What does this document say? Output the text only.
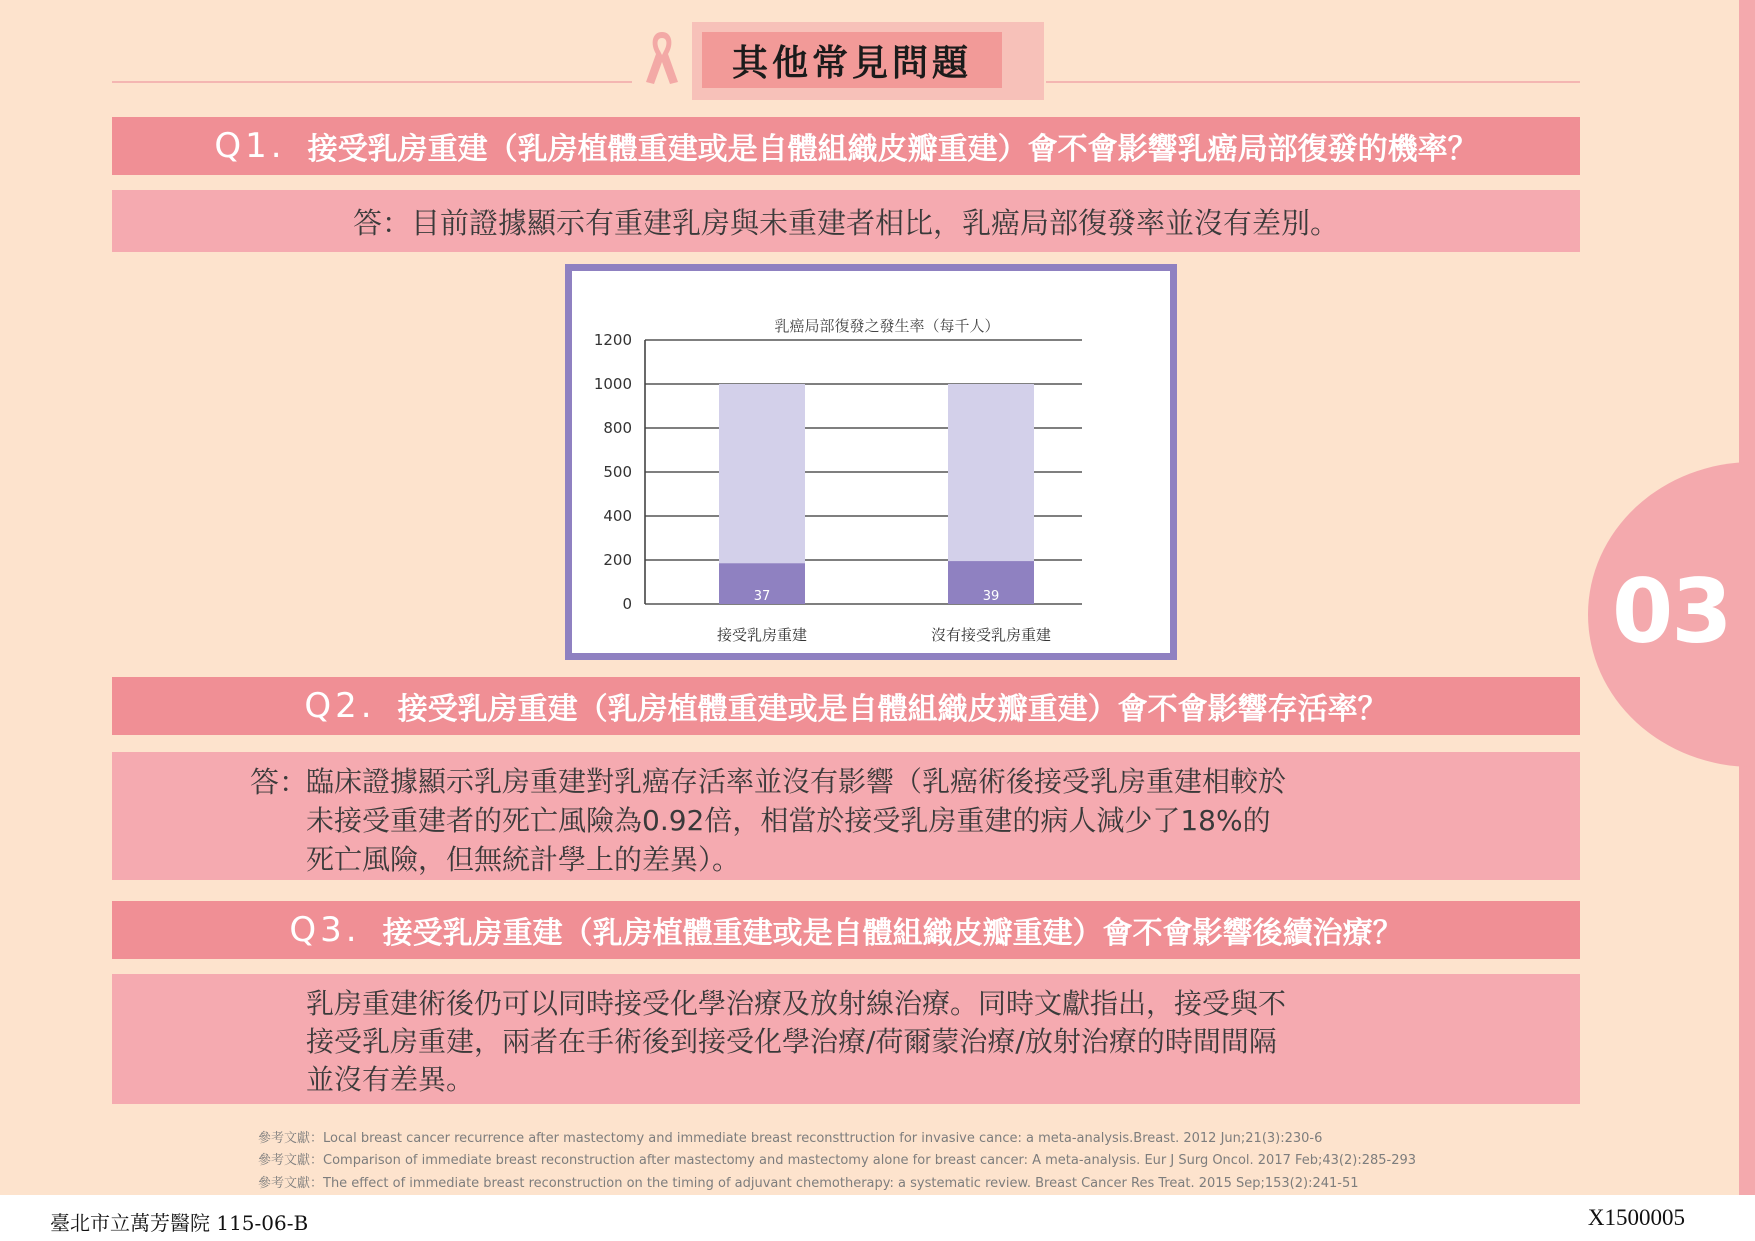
03
其他常見問題
Q1. 接受乳房重建（乳房植體重建或是自體組織皮瓣重建）會不會影響乳癌局部復發的機率？
答：目前證據顯示有重建乳房與未重建者相比，乳癌局部復發率並沒有差別。
0
200
400
500
800
1000
1200
乳癌局部復發之發生率（每千人）
37
接受乳房重建
39
沒有接受乳房重建
Q2. 接受乳房重建（乳房植體重建或是自體組織皮瓣重建）會不會影響存活率？
答：
臨床證據顯示乳房重建對乳癌存活率並沒有影響（乳癌術後接受乳房重建相較於
未接受重建者的死亡風險為0.92倍，相當於接受乳房重建的病人減少了18%的
死亡風險，但無統計學上的差異）。
Q3. 接受乳房重建（乳房植體重建或是自體組織皮瓣重建）會不會影響後續治療？
乳房重建術後仍可以同時接受化學治療及放射線治療。同時文獻指出，接受與不
接受乳房重建，兩者在手術後到接受化學治療/荷爾蒙治療/放射治療的時間間隔
並沒有差異。
參考文獻：Local breast cancer recurrence after mastectomy and immediate breast reconsttruction for invasive cance: a meta-analysis.Breast. 2012 Jun;21(3):230-6
參考文獻：Comparison of immediate breast reconstruction after mastectomy and mastectomy alone for breast cancer: A meta-analysis. Eur J Surg Oncol. 2017 Feb;43(2):285-293
參考文獻：The effect of immediate breast reconstruction on the timing of adjuvant chemotherapy: a systematic review. Breast Cancer Res Treat. 2015 Sep;153(2):241-51
臺北市立萬芳醫院 115-06-B	X1500005
